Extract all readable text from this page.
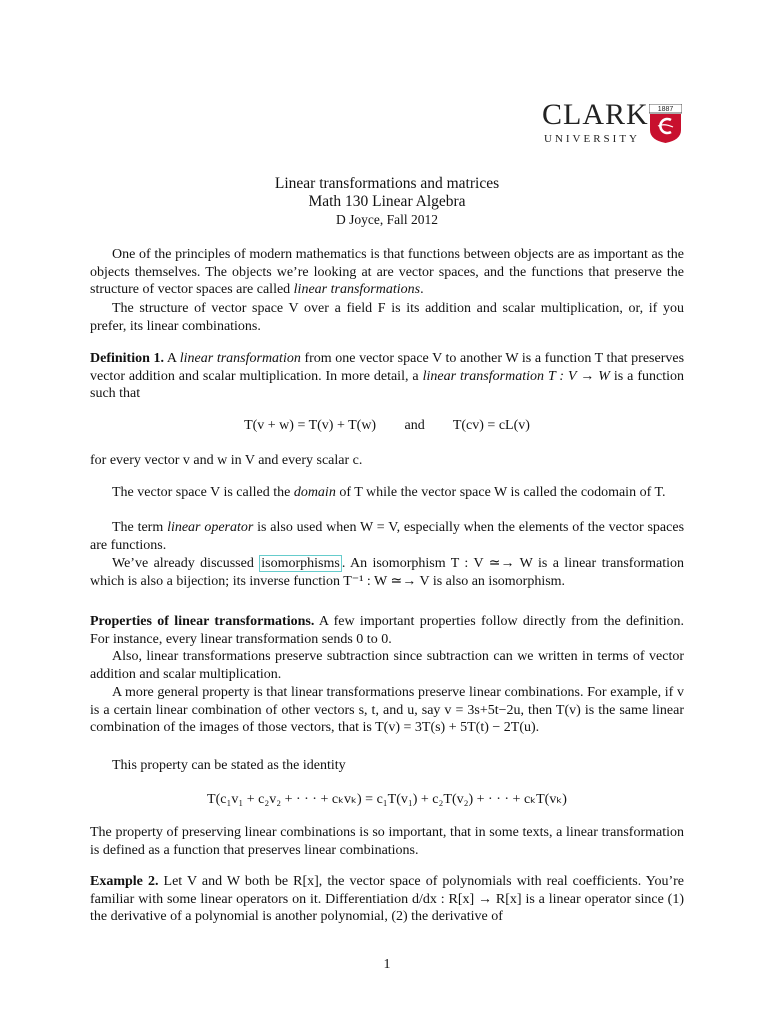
CLARK
UNIVERSITY
1887
Linear transformations and matrices
Math 130 Linear Algebra
D Joyce, Fall 2012
One of the principles of modern mathematics is that functions between objects are as important as the objects themselves. The objects we’re looking at are vector spaces, and the functions that preserve the structure of vector spaces are called linear transformations.
The structure of vector space V over a field F is its addition and scalar multiplication, or, if you prefer, its linear combinations.
Definition 1. A linear transformation from one vector space V to another W is a function T that preserves vector addition and scalar multiplication. In more detail, a linear transformation T : V → W is a function such that
T(v + w) = T(v) + T(w) and T(cv) = cL(v)
for every vector v and w in V and every scalar c.
The vector space V is called the domain of T while the vector space W is called the codomain of T.
The term linear operator is also used when W = V, especially when the elements of the vector spaces are functions.
We’ve already discussed isomorphisms . An isomorphism T : V ≃→ W is a linear transformation which is also a bijection; its inverse function T⁻¹ : W ≃→ V is also an isomorphism.
Properties of linear transformations. A few important properties follow directly from the definition. For instance, every linear transformation sends 0 to 0.
Also, linear transformations preserve subtraction since subtraction can we written in terms of vector addition and scalar multiplication.
A more general property is that linear transformations preserve linear combinations. For example, if v is a certain linear combination of other vectors s, t, and u, say v = 3s+5t−2u, then T(v) is the same linear combination of the images of those vectors, that is T(v) = 3T(s) + 5T(t) − 2T(u).
This property can be stated as the identity
T(c₁v₁ + c₂v₂ + · · · + cₖvₖ) = c₁T(v₁) + c₂T(v₂) + · · · + cₖT(vₖ)
The property of preserving linear combinations is so important, that in some texts, a linear transformation is defined as a function that preserves linear combinations.
Example 2. Let V and W both be R[x], the vector space of polynomials with real coefficients. You’re familiar with some linear operators on it. Differentiation d/dx : R[x] → R[x] is a linear operator since (1) the derivative of a polynomial is another polynomial, (2) the derivative of
1
